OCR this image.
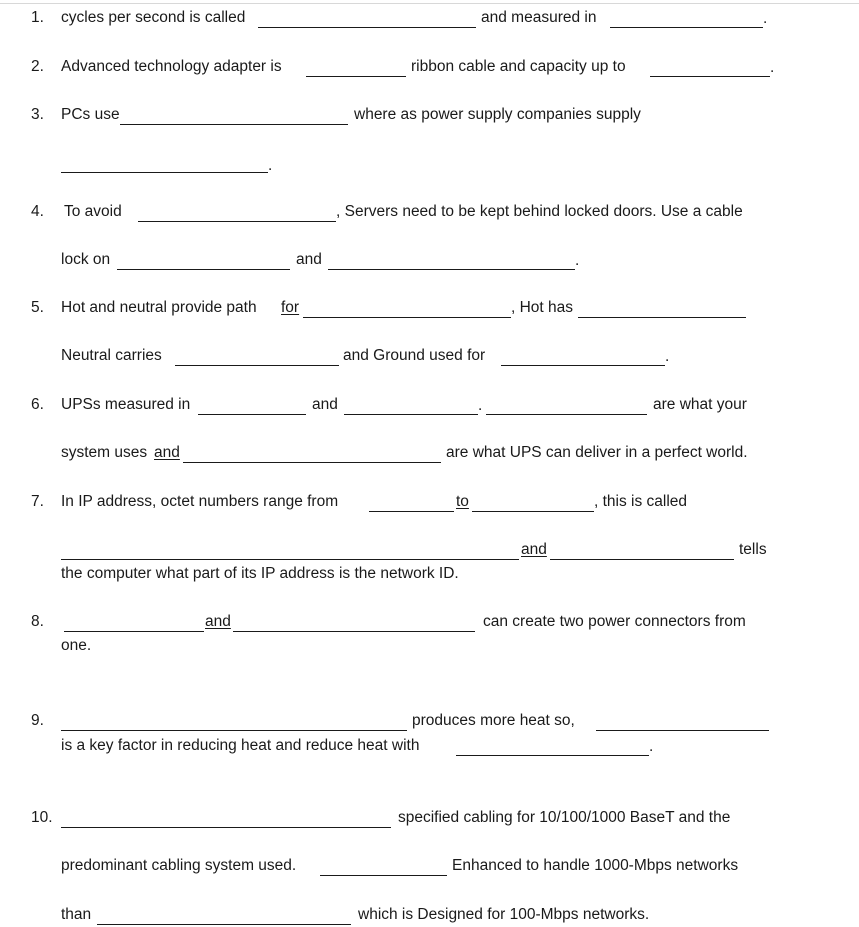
1. cycles per second is called	and measured in	.
2. Advanced technology adapter is	ribbon cable and capacity up to	.
3. PCs use	where as power supply companies supply
.
4. To avoid	, Servers need to be kept behind locked doors. Use a cable
lock on	and	.
5. Hot and neutral provide path for	, Hot has
Neutral carries	and Ground used for	.
6. UPSs measured in	and	.	are what your
system uses and	are what UPS can deliver in a perfect world.
7. In IP address, octet numbers range from	to	, this is called
and	tells
the computer what part of its IP address is the network ID.
8.	and	can create two power connectors from
one.
9.	produces more heat so,
is a key factor in reducing heat and reduce heat with	.
10.	specified cabling for 10/100/1000 BaseT and the
predominant cabling system used.	Enhanced to handle 1000-Mbps networks
than	which is Designed for 100-Mbps networks.
